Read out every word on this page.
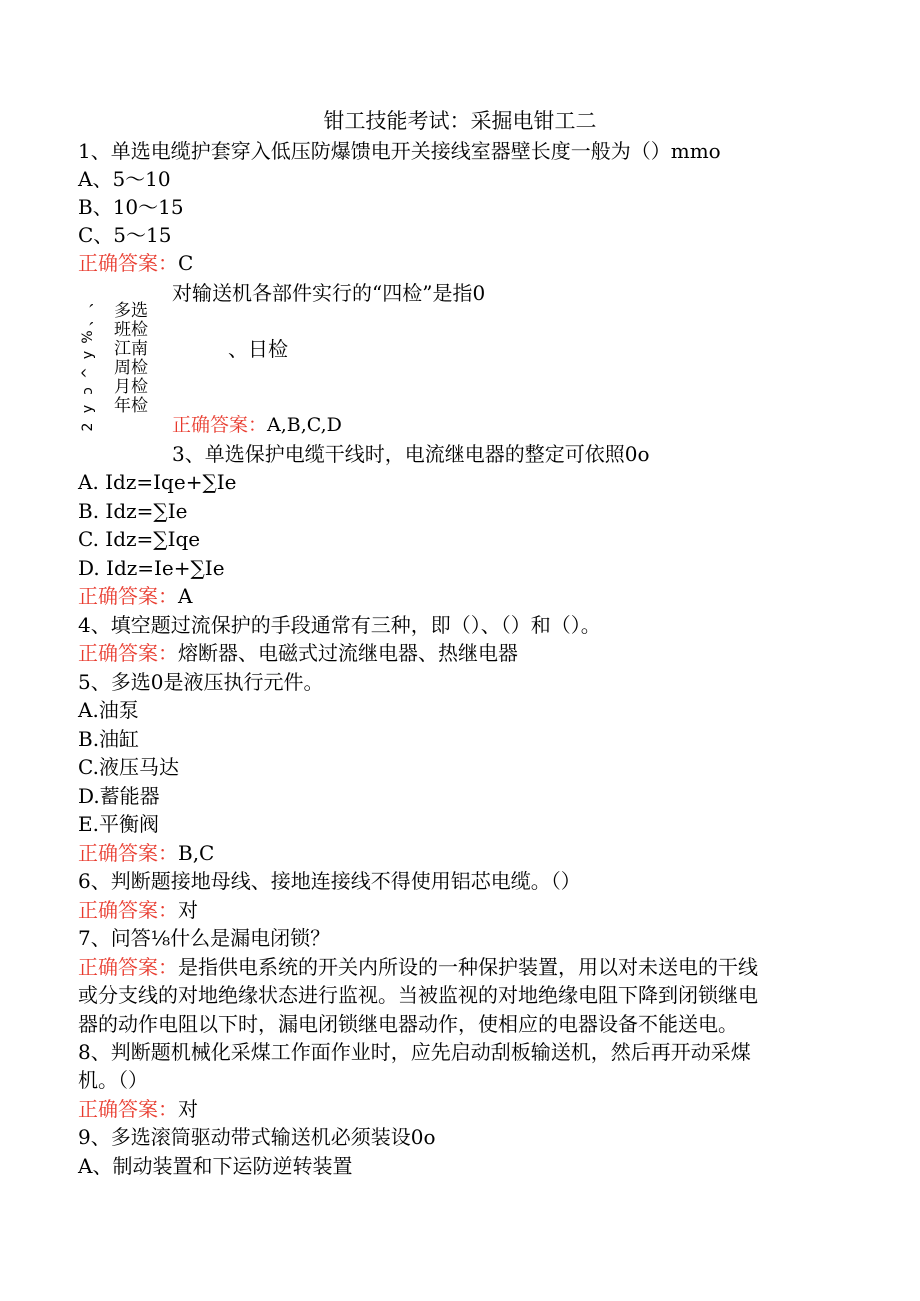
钳工技能考试：采掘电钳工二
1、单选电缆护套穿入低压防爆馈电开关接线室器壁长度一般为（）mmo
A、5～10
B、10～15
C、5～15
正确答案：C
对输送机各部件实行的“四检”是指0
、
、
%
y
^
ɔ
y
2
多选
班检
江南
周检
月检
年检
、日检
正确答案：A,B,C,D
3、单选保护电缆干线时，电流继电器的整定可依照0o
A. Idz=Iqe+∑Ie
B. Idz=∑Ie
C. Idz=∑Iqe
D. Idz=Ie+∑Ie
正确答案：A
4、填空题过流保护的手段通常有三种，即（）、（）和（）。
正确答案：熔断器、电磁式过流继电器、热继电器
5、多选0是液压执行元件。
A.油泵
B.油缸
C.液压马达
D.蓄能器
E.平衡阀
正确答案：B,C
6、判断题接地母线、接地连接线不得使用铝芯电缆。（）
正确答案：对
7、问答⅛什么是漏电闭锁？
正确答案：是指供电系统的开关内所设的一种保护装置，用以对未送电的干线
或分支线的对地绝缘状态进行监视。当被监视的对地绝缘电阻下降到闭锁继电
器的动作电阻以下时，漏电闭锁继电器动作，使相应的电器设备不能送电。
8、判断题机械化采煤工作面作业时，应先启动刮板输送机，然后再开动采煤
机。（）
正确答案：对
9、多选滚筒驱动带式输送机必须装设0o
A、制动装置和下运防逆转装置
